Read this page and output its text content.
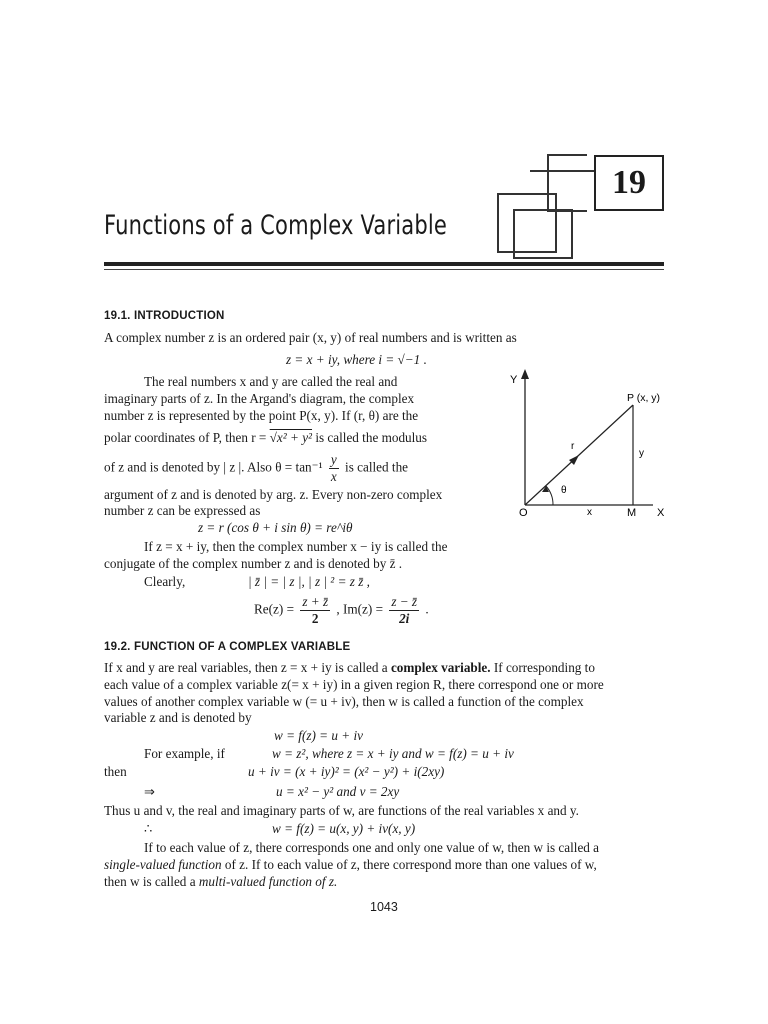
19
Functions of a Complex Variable
19.1. INTRODUCTION
A complex number z is an ordered pair (x, y) of real numbers and is written as
z = x + iy, where i = √−1 .
The real numbers x and y are called the real and
imaginary parts of z. In the Argand's diagram, the complex
number z is represented by the point P(x, y). If (r, θ) are the
polar coordinates of P, then r = √x² + y² is called the modulus
of z and is denoted by | z |. Also $\theta = \tan^{-1} \frac{y}{x}$ is called the
argument of z and is denoted by arg. z. Every non-zero complex
number z can be expressed as
z = r (cos θ + i sin θ) = re^iθ
If z = x + iy, then the complex number x − iy is called the
conjugate of the complex number z and is denoted by z̄ .
Clearly,	| z̄ | = | z |, | z | ² = z z̄ ,
$Re(z) = \frac{z + z̄}{2}$ , $Im(z) = \frac{z - z̄}{2i}$ .
Y
X
O
P (x, y)
M
x
y
r
θ
19.2. FUNCTION OF A COMPLEX VARIABLE
If x and y are real variables, then z = x + iy is called a complex variable. If corresponding to
each value of a complex variable z(= x + iy) in a given region R, there correspond one or more
values of another complex variable w (= u + iv), then w is called a function of the complex
variable z and is denoted by
w = f(z) = u + iv
For example, if	w = z², where z = x + iy and w = f(z) = u + iv
then	u + iv = (x + iy)² = (x² − y²) + i(2xy)
⇒	u = x² − y² and v = 2xy
Thus u and v, the real and imaginary parts of w, are functions of the real variables x and y.
∴	w = f(z) = u(x, y) + iv(x, y)
If to each value of z, there corresponds one and only one value of w, then w is called a
single-valued function of z. If to each value of z, there correspond more than one values of w,
then w is called a multi-valued function of z.
1043
